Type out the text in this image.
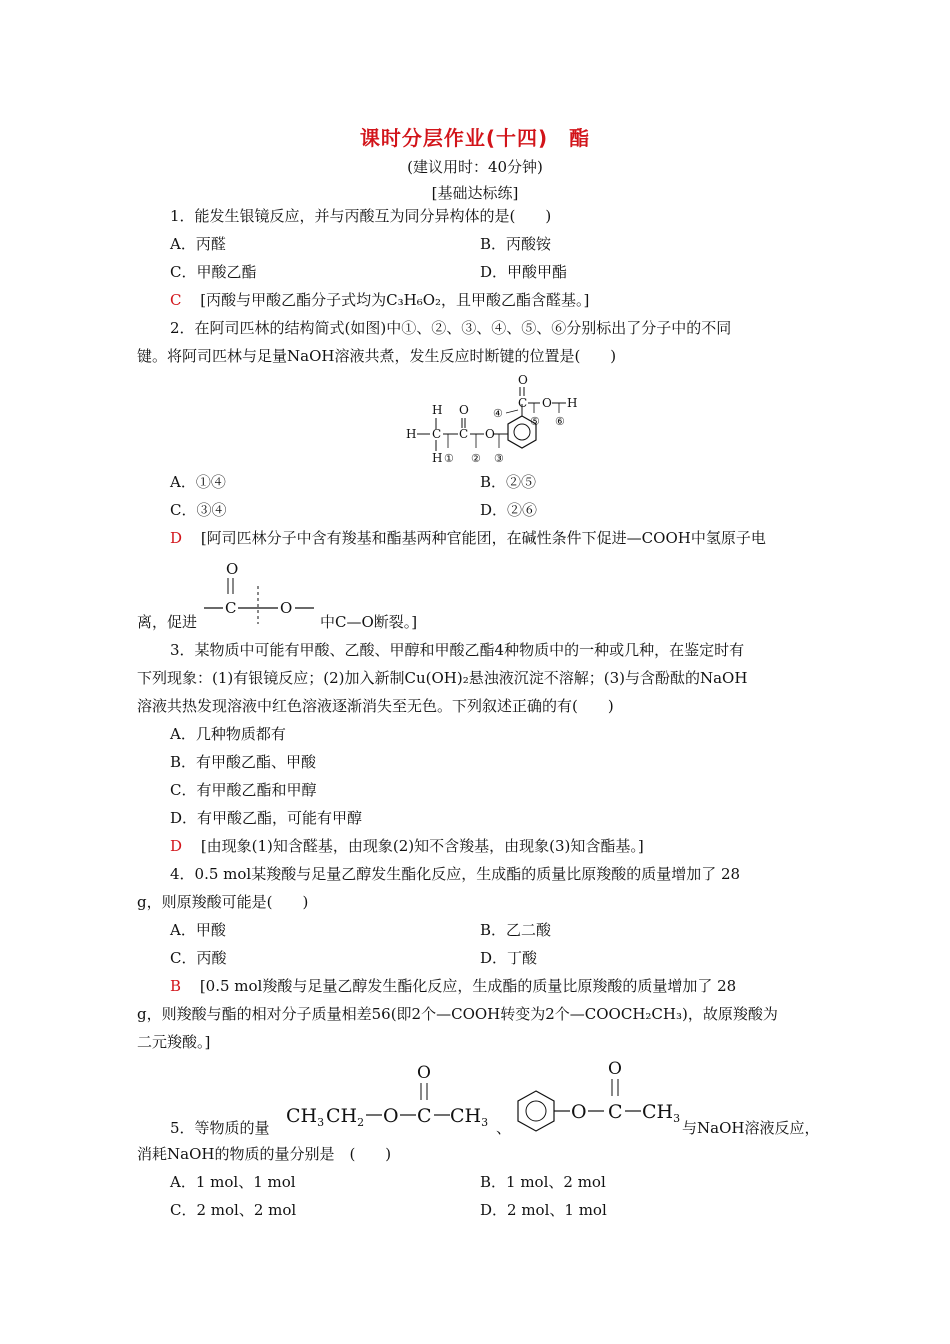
课时分层作业(十四)　酯
(建议用时：40分钟)
[基础达标练]
1．能发生银镜反应，并与丙酸互为同分异构体的是(　　)
A．丙醛	B．丙酸铵
C．甲酸乙酯	D．甲酸甲酯
C [丙酸与甲酸乙酯分子式均为C₃H₆O₂，且甲酸乙酯含醛基。]
2．在阿司匹林的结构简式(如图)中①、②、③、④、⑤、⑥分别标出了分子中的不同
键。将阿司匹林与足量NaOH溶液共煮，发生反应时断键的位置是(　　)
H
H C
H ①
O
C
②
O
③
④
O
C
⑤
O
⑥
H
A．①④	B．②⑤
C．③④	D．②⑥
D [阿司匹林分子中含有羧基和酯基两种官能团，在碱性条件下促进—COOH中氢原子电
离，促进
O
C	O
中C—O断裂。]
3．某物质中可能有甲酸、乙酸、甲醇和甲酸乙酯4种物质中的一种或几种，在鉴定时有
下列现象：(1)有银镜反应；(2)加入新制Cu(OH)₂悬浊液沉淀不溶解；(3)与含酚酞的NaOH
溶液共热发现溶液中红色溶液逐渐消失至无色。下列叙述正确的有(　　)
A．几种物质都有
B．有甲酸乙酯、甲酸
C．有甲酸乙酯和甲醇
D．有甲酸乙酯，可能有甲醇
D [由现象(1)知含醛基，由现象(2)知不含羧基，由现象(3)知含酯基。]
4．0.5 mol某羧酸与足量乙醇发生酯化反应，生成酯的质量比原羧酸的质量增加了 28
g，则原羧酸可能是(　　)
A．甲酸	B．乙二酸
C．丙酸	D．丁酸
B [0.5 mol羧酸与足量乙醇发生酯化反应，生成酯的质量比原羧酸的质量增加了 28
g，则羧酸与酯的相对分子质量相差56(即2个—COOH转变为2个—COOCH₂CH₃)，故原羧酸为
二元羧酸。]
5．等物质的量
$CH_3$ $CH_2$ O
O
C $CH_3$ 、
O
O
C $CH_3$
与NaOH溶液反应，
消耗NaOH的物质的量分别是　(　　)
A．1 mol、1 mol	B．1 mol、2 mol
C．2 mol、2 mol	D．2 mol、1 mol
